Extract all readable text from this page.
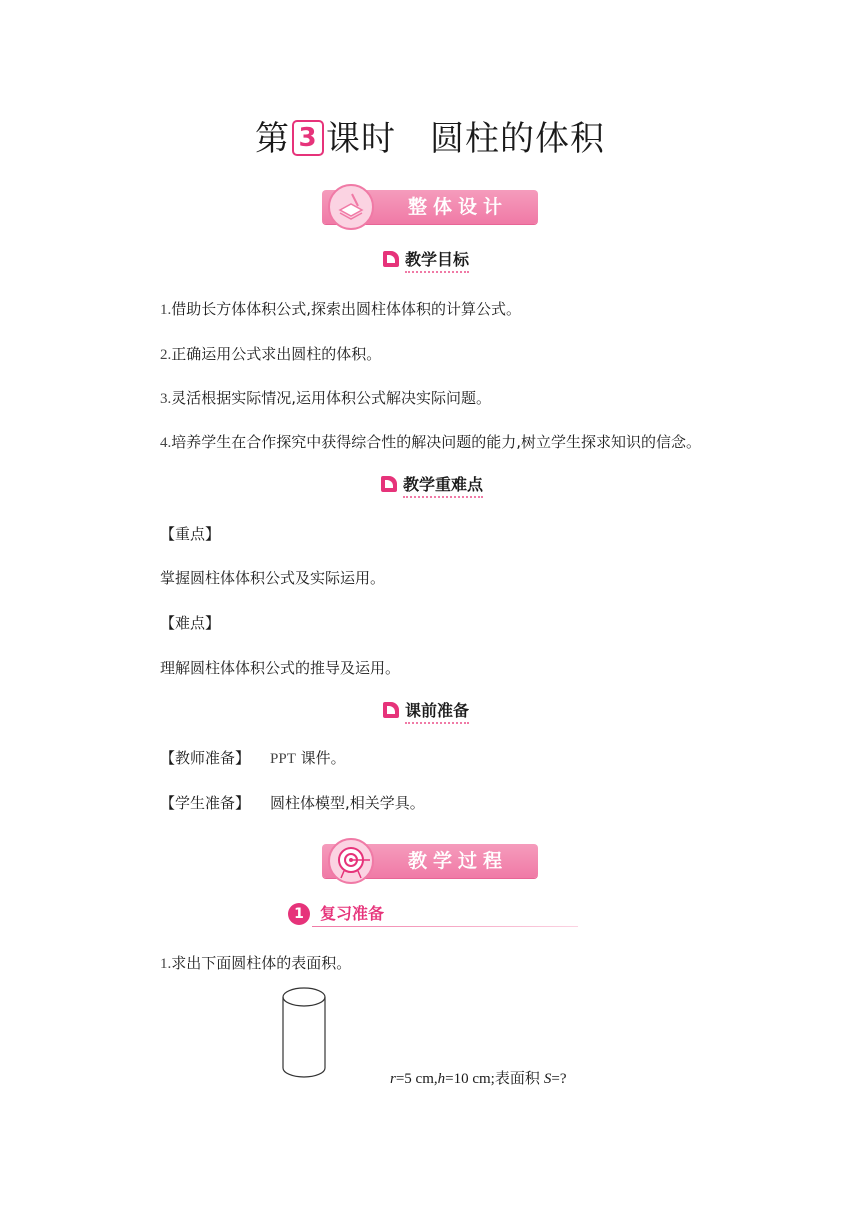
第 3 课时 圆柱的体积
整体设计
教学目标
1.借助长方体体积公式,探索出圆柱体体积的计算公式。
2.正确运用公式求出圆柱的体积。
3.灵活根据实际情况,运用体积公式解决实际问题。
4.培养学生在合作探究中获得综合性的解决问题的能力,树立学生探求知识的信念。
教学重难点
【重点】
掌握圆柱体体积公式及实际运用。
【难点】
理解圆柱体体积公式的推导及运用。
课前准备
【教师准备】 PPT 课件。
【学生准备】 圆柱体模型,相关学具。
教学过程
1	复习准备
1.求出下面圆柱体的表面积。
r=5 cm,h=10 cm;表面积 S=?
